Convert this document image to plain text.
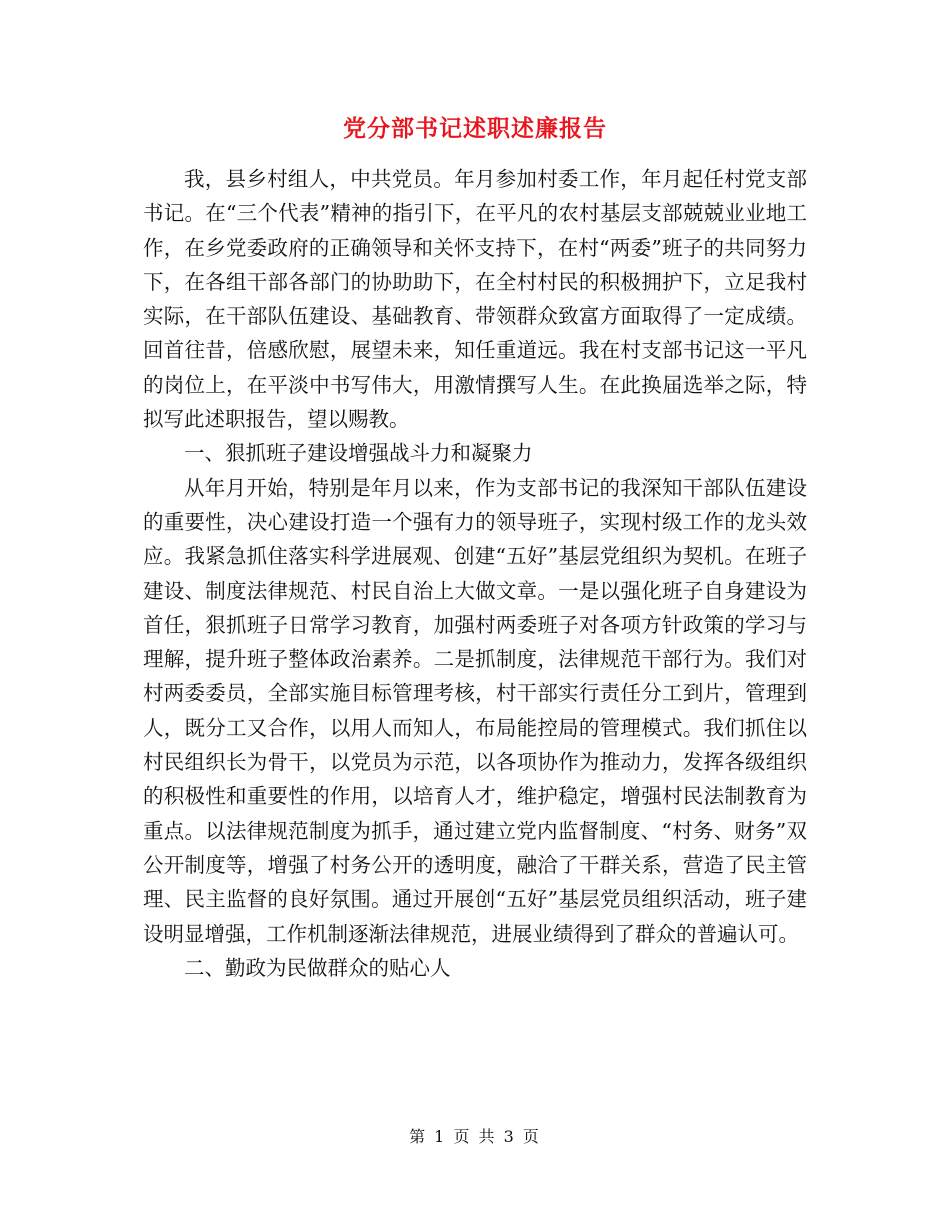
党分部书记述职述廉报告

我，县乡村组人，中共党员。年月参加村委工作，年月起任村党支部书记。在“三个代表”精神的指引下，在平凡的农村基层支部兢兢业业地工作，在乡党委政府的正确领导和关怀支持下，在村“两委”班子的共同努力下，在各组干部各部门的协助助下，在全村村民的积极拥护下，立足我村实际，在干部队伍建设、基础教育、带领群众致富方面取得了一定成绩。回首往昔，倍感欣慰，展望未来，知任重道远。我在村支部书记这一平凡的岗位上，在平淡中书写伟大，用激情撰写人生。在此换届选举之际，特拟写此述职报告，望以赐教。

一、狠抓班子建设增强战斗力和凝聚力

从年月开始，特别是年月以来，作为支部书记的我深知干部队伍建设的重要性，决心建设打造一个强有力的领导班子，实现村级工作的龙头效应。我紧急抓住落实科学进展观、创建“五好”基层党组织为契机。在班子建设、制度法律规范、村民自治上大做文章。一是以强化班子自身建设为首任，狠抓班子日常学习教育，加强村两委班子对各项方针政策的学习与理解，提升班子整体政治素养。二是抓制度，法律规范干部行为。我们对村两委委员，全部实施目标管理考核，村干部实行责任分工到片，管理到人，既分工又合作，以用人而知人，布局能控局的管理模式。我们抓住以村民组织长为骨干，以党员为示范，以各项协作为推动力，发挥各级组织的积极性和重要性的作用，以培育人才，维护稳定，增强村民法制教育为重点。以法律规范制度为抓手，通过建立党内监督制度、“村务、财务”双公开制度等，增强了村务公开的透明度，融洽了干群关系，营造了民主管理、民主监督的良好氛围。通过开展创“五好”基层党员组织活动，班子建设明显增强，工作机制逐渐法律规范，进展业绩得到了群众的普遍认可。

二、勤政为民做群众的贴心人

第 1 页 共 3 页
